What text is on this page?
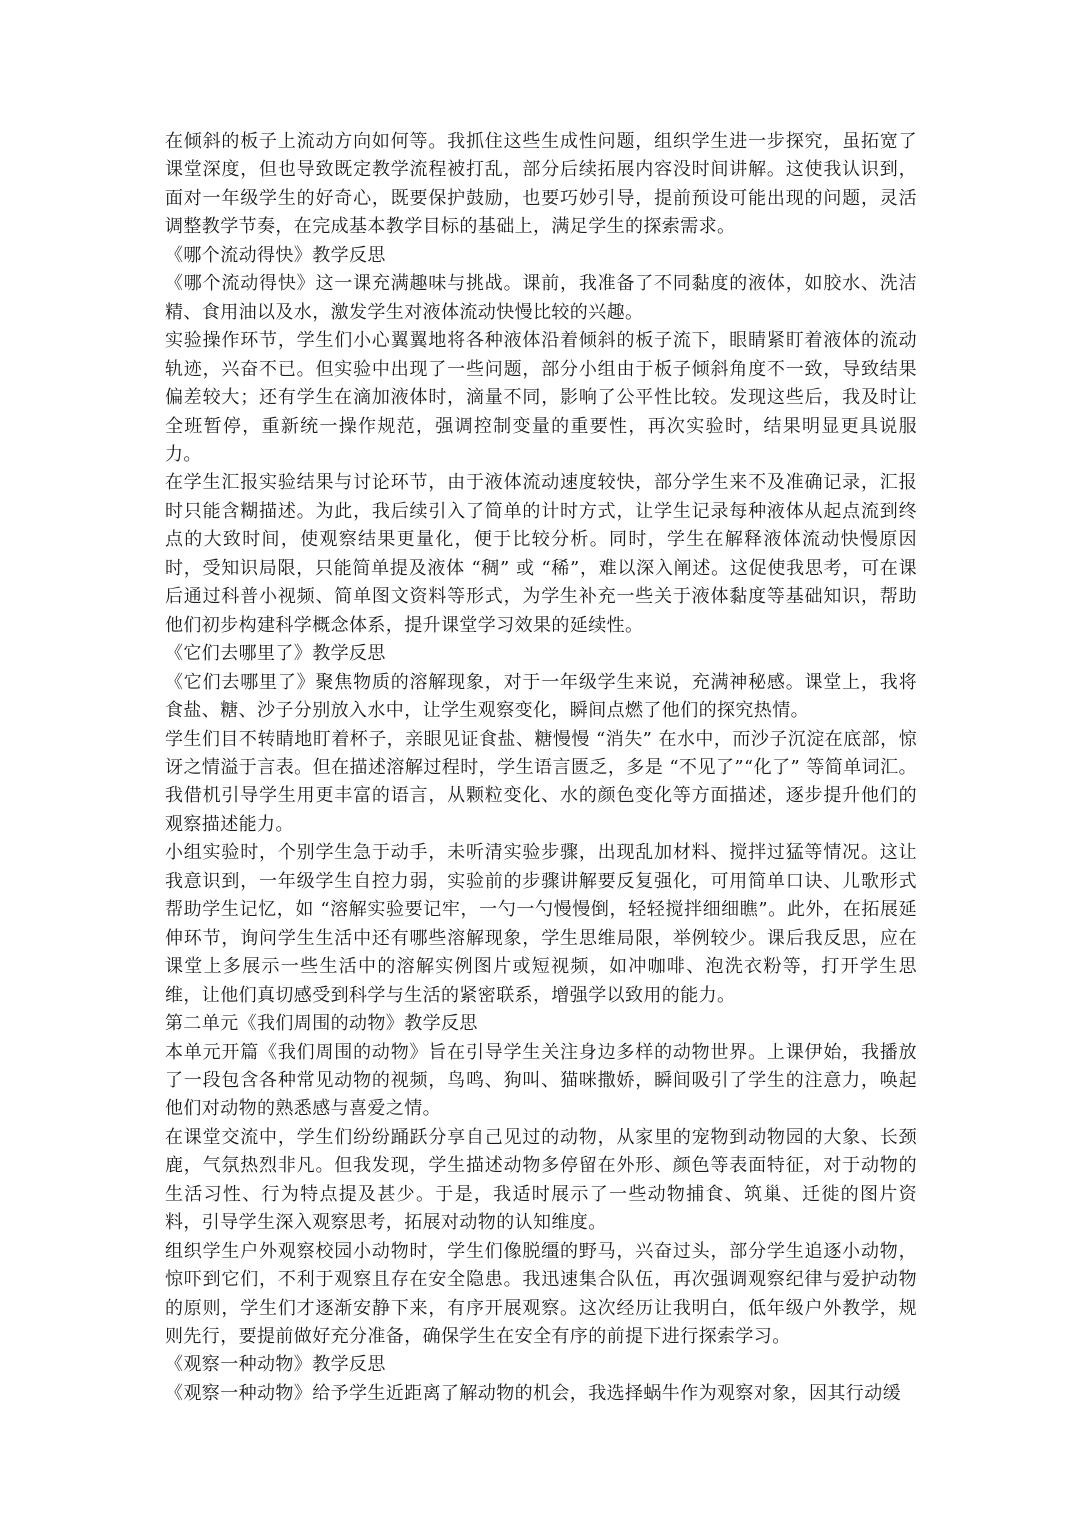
在倾斜的板子上流动方向如何等。我抓住这些生成性问题，组织学生进一步探究，虽拓宽了课堂深度，但也导致既定教学流程被打乱，部分后续拓展内容没时间讲解。这使我认识到，面对一年级学生的好奇心，既要保护鼓励，也要巧妙引导，提前预设可能出现的问题，灵活调整教学节奏，在完成基本教学目标的基础上，满足学生的探索需求。

《哪个流动得快》教学反思

《哪个流动得快》这一课充满趣味与挑战。课前，我准备了不同黏度的液体，如胶水、洗洁精、食用油以及水，激发学生对液体流动快慢比较的兴趣。

实验操作环节，学生们小心翼翼地将各种液体沿着倾斜的板子流下，眼睛紧盯着液体的流动轨迹，兴奋不已。但实验中出现了一些问题，部分小组由于板子倾斜角度不一致，导致结果偏差较大；还有学生在滴加液体时，滴量不同，影响了公平性比较。发现这些后，我及时让全班暂停，重新统一操作规范，强调控制变量的重要性，再次实验时，结果明显更具说服力。

在学生汇报实验结果与讨论环节，由于液体流动速度较快，部分学生来不及准确记录，汇报时只能含糊描述。为此，我后续引入了简单的计时方式，让学生记录每种液体从起点流到终点的大致时间，使观察结果更量化，便于比较分析。同时，学生在解释液体流动快慢原因时，受知识局限，只能简单提及液体 “稠” 或 “稀”，难以深入阐述。这促使我思考，可在课后通过科普小视频、简单图文资料等形式，为学生补充一些关于液体黏度等基础知识，帮助他们初步构建科学概念体系，提升课堂学习效果的延续性。

《它们去哪里了》教学反思

《它们去哪里了》聚焦物质的溶解现象，对于一年级学生来说，充满神秘感。课堂上，我将食盐、糖、沙子分别放入水中，让学生观察变化，瞬间点燃了他们的探究热情。

学生们目不转睛地盯着杯子，亲眼见证食盐、糖慢慢 “消失” 在水中，而沙子沉淀在底部，惊讶之情溢于言表。但在描述溶解过程时，学生语言匮乏，多是 “不见了”“化了” 等简单词汇。我借机引导学生用更丰富的语言，从颗粒变化、水的颜色变化等方面描述，逐步提升他们的观察描述能力。

小组实验时，个别学生急于动手，未听清实验步骤，出现乱加材料、搅拌过猛等情况。这让我意识到，一年级学生自控力弱，实验前的步骤讲解要反复强化，可用简单口诀、儿歌形式帮助学生记忆，如 “溶解实验要记牢，一勺一勺慢慢倒，轻轻搅拌细细瞧”。此外，在拓展延伸环节，询问学生生活中还有哪些溶解现象，学生思维局限，举例较少。课后我反思，应在课堂上多展示一些生活中的溶解实例图片或短视频，如冲咖啡、泡洗衣粉等，打开学生思维，让他们真切感受到科学与生活的紧密联系，增强学以致用的能力。

第二单元《我们周围的动物》教学反思

本单元开篇《我们周围的动物》旨在引导学生关注身边多样的动物世界。上课伊始，我播放了一段包含各种常见动物的视频，鸟鸣、狗叫、猫咪撒娇，瞬间吸引了学生的注意力，唤起他们对动物的熟悉感与喜爱之情。

在课堂交流中，学生们纷纷踊跃分享自己见过的动物，从家里的宠物到动物园的大象、长颈鹿，气氛热烈非凡。但我发现，学生描述动物多停留在外形、颜色等表面特征，对于动物的生活习性、行为特点提及甚少。于是，我适时展示了一些动物捕食、筑巢、迁徙的图片资料，引导学生深入观察思考，拓展对动物的认知维度。

组织学生户外观察校园小动物时，学生们像脱缰的野马，兴奋过头，部分学生追逐小动物，惊吓到它们，不利于观察且存在安全隐患。我迅速集合队伍，再次强调观察纪律与爱护动物的原则，学生们才逐渐安静下来，有序开展观察。这次经历让我明白，低年级户外教学，规则先行，要提前做好充分准备，确保学生在安全有序的前提下进行探索学习。

《观察一种动物》教学反思

《观察一种动物》给予学生近距离了解动物的机会，我选择蜗牛作为观察对象，因其行动缓
